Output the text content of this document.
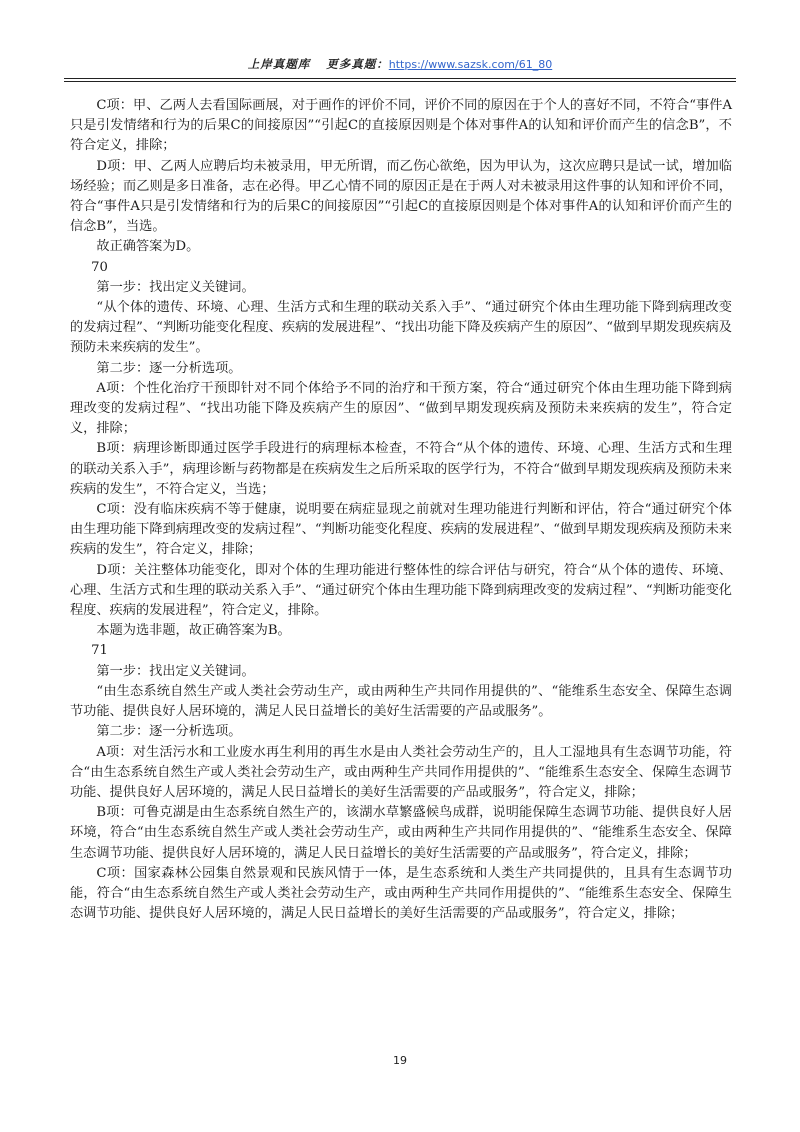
上岸真题库 更多真题：https://www.sazsk.com/61_80

C项：甲、乙两人去看国际画展，对于画作的评价不同，评价不同的原因在于个人的喜好不同，不符合“事件A只是引发情绪和行为的后果C的间接原因”“引起C的直接原因则是个体对事件A的认知和评价而产生的信念B”，不符合定义，排除；

D项：甲、乙两人应聘后均未被录用，甲无所谓，而乙伤心欲绝，因为甲认为，这次应聘只是试一试，增加临场经验；而乙则是多日准备，志在必得。甲乙心情不同的原因正是在于两人对未被录用这件事的认知和评价不同，符合“事件A只是引发情绪和行为的后果C的间接原因”“引起C的直接原因则是个体对事件A的认知和评价而产生的信念B”，当选。

故正确答案为D。

70

第一步：找出定义关键词。

“从个体的遗传、环境、心理、生活方式和生理的联动关系入手”、“通过研究个体由生理功能下降到病理改变的发病过程”、“判断功能变化程度、疾病的发展进程”、“找出功能下降及疾病产生的原因”、“做到早期发现疾病及预防未来疾病的发生”。

第二步：逐一分析选项。

A项：个性化治疗干预即针对不同个体给予不同的治疗和干预方案，符合“通过研究个体由生理功能下降到病理改变的发病过程”、“找出功能下降及疾病产生的原因”、“做到早期发现疾病及预防未来疾病的发生”，符合定义，排除；

B项：病理诊断即通过医学手段进行的病理标本检查，不符合“从个体的遗传、环境、心理、生活方式和生理的联动关系入手”，病理诊断与药物都是在疾病发生之后所采取的医学行为，不符合“做到早期发现疾病及预防未来疾病的发生”，不符合定义，当选；

C项：没有临床疾病不等于健康，说明要在病症显现之前就对生理功能进行判断和评估，符合“通过研究个体由生理功能下降到病理改变的发病过程”、“判断功能变化程度、疾病的发展进程”、“做到早期发现疾病及预防未来疾病的发生”，符合定义，排除；

D项：关注整体功能变化，即对个体的生理功能进行整体性的综合评估与研究，符合“从个体的遗传、环境、心理、生活方式和生理的联动关系入手”、“通过研究个体由生理功能下降到病理改变的发病过程”、“判断功能变化程度、疾病的发展进程”，符合定义，排除。

本题为选非题，故正确答案为B。

71

第一步：找出定义关键词。

“由生态系统自然生产或人类社会劳动生产，或由两种生产共同作用提供的”、“能维系生态安全、保障生态调节功能、提供良好人居环境的，满足人民日益增长的美好生活需要的产品或服务”。

第二步：逐一分析选项。

A项：对生活污水和工业废水再生利用的再生水是由人类社会劳动生产的，且人工湿地具有生态调节功能，符合“由生态系统自然生产或人类社会劳动生产，或由两种生产共同作用提供的”、“能维系生态安全、保障生态调节功能、提供良好人居环境的，满足人民日益增长的美好生活需要的产品或服务”，符合定义，排除；

B项：可鲁克湖是由生态系统自然生产的，该湖水草繁盛候鸟成群，说明能保障生态调节功能、提供良好人居环境，符合“由生态系统自然生产或人类社会劳动生产，或由两种生产共同作用提供的”、“能维系生态安全、保障生态调节功能、提供良好人居环境的，满足人民日益增长的美好生活需要的产品或服务”，符合定义，排除；

C项：国家森林公园集自然景观和民族风情于一体，是生态系统和人类生产共同提供的，且具有生态调节功能，符合“由生态系统自然生产或人类社会劳动生产，或由两种生产共同作用提供的”、“能维系生态安全、保障生态调节功能、提供良好人居环境的，满足人民日益增长的美好生活需要的产品或服务”，符合定义，排除；

19
